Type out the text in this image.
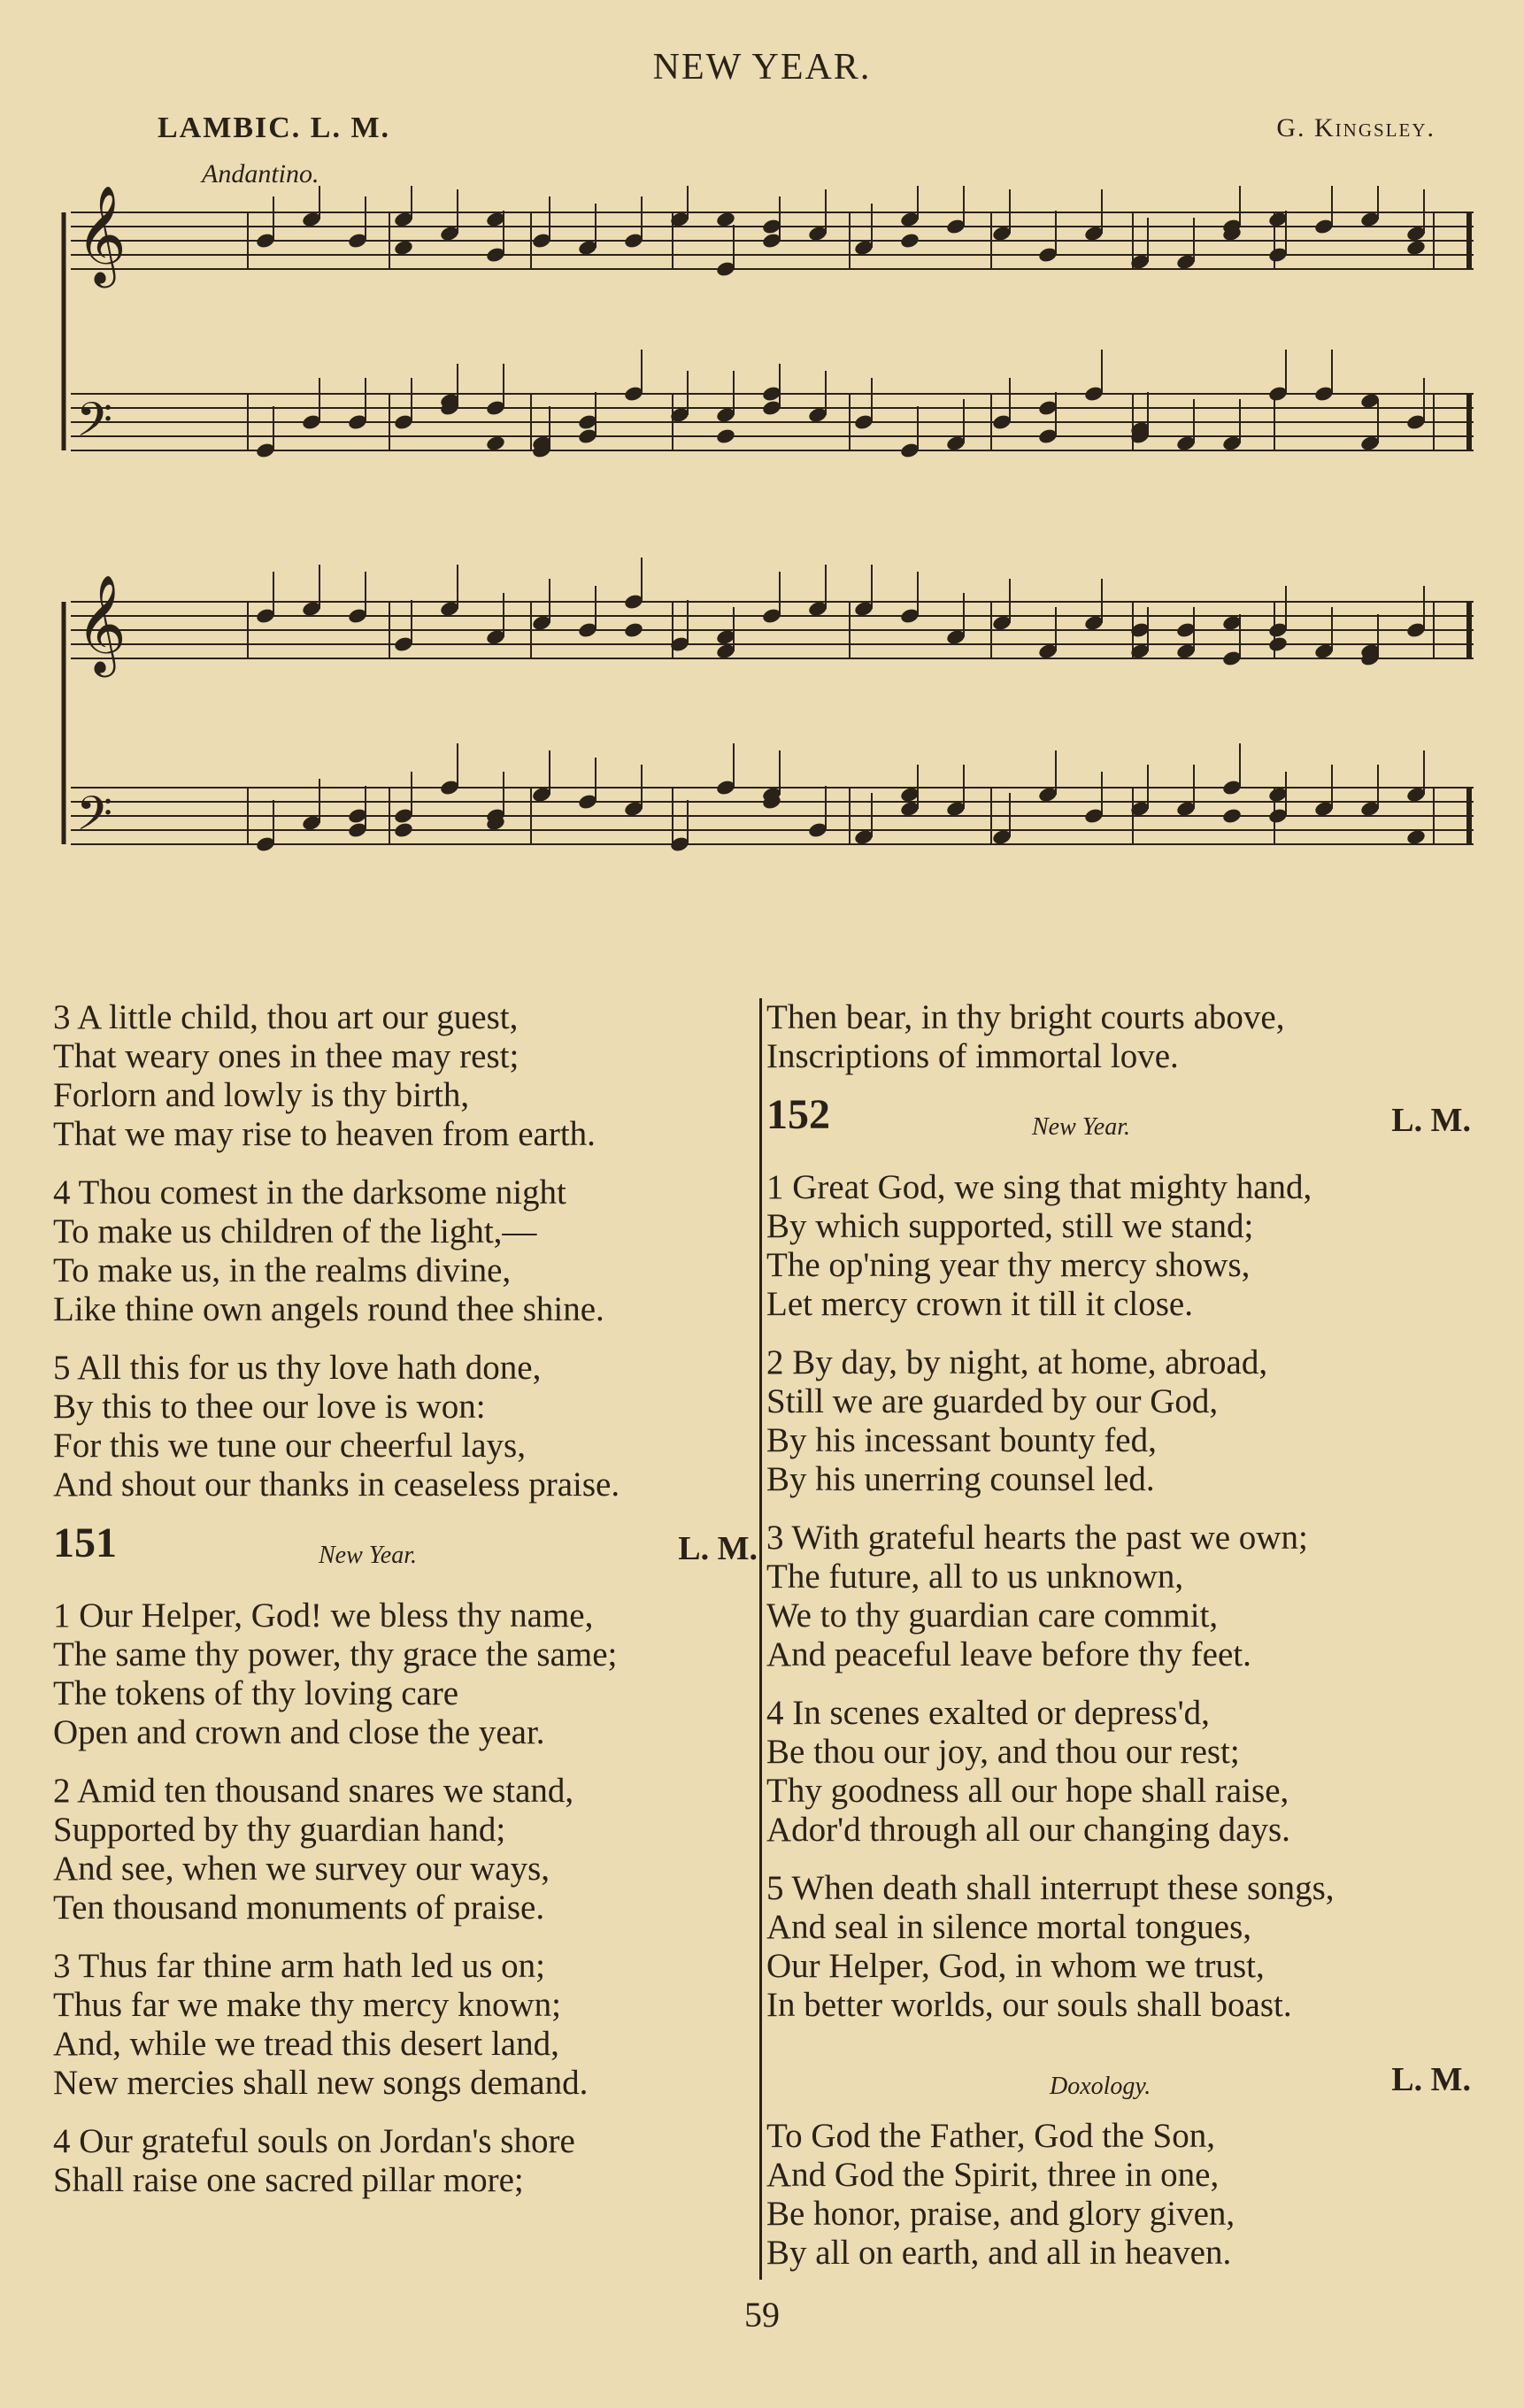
NEW YEAR.
LAMBIC. L. M.	G. Kingsley.
Andantino.
𝄞
𝄢
𝄞
𝄢
3 A little child, thou art our guest,
That weary ones in thee may rest;
Forlorn and lowly is thy birth,
That we may rise to heaven from earth.
4 Thou comest in the darksome night
To make us children of the light,—
To make us, in the realms divine,
Like thine own angels round thee shine.
5 All this for us thy love hath done,
By this to thee our love is won:
For this we tune our cheerful lays,
And shout our thanks in ceaseless praise.
151	New Year.	L. M.
1 Our Helper, God! we bless thy name,
The same thy power, thy grace the same;
The tokens of thy loving care
Open and crown and close the year.
2 Amid ten thousand snares we stand,
Supported by thy guardian hand;
And see, when we survey our ways,
Ten thousand monuments of praise.
3 Thus far thine arm hath led us on;
Thus far we make thy mercy known;
And, while we tread this desert land,
New mercies shall new songs demand.
4 Our grateful souls on Jordan's shore
Shall raise one sacred pillar more;
Then bear, in thy bright courts above,
Inscriptions of immortal love.
152	New Year.	L. M.
1 Great God, we sing that mighty hand,
By which supported, still we stand;
The op'ning year thy mercy shows,
Let mercy crown it till it close.
2 By day, by night, at home, abroad,
Still we are guarded by our God,
By his incessant bounty fed,
By his unerring counsel led.
3 With grateful hearts the past we own;
The future, all to us unknown,
We to thy guardian care commit,
And peaceful leave before thy feet.
4 In scenes exalted or depress'd,
Be thou our joy, and thou our rest;
Thy goodness all our hope shall raise,
Ador'd through all our changing days.
5 When death shall interrupt these songs,
And seal in silence mortal tongues,
Our Helper, God, in whom we trust,
In better worlds, our souls shall boast.
Doxology.	L. M.
To God the Father, God the Son,
And God the Spirit, three in one,
Be honor, praise, and glory given,
By all on earth, and all in heaven.
59
